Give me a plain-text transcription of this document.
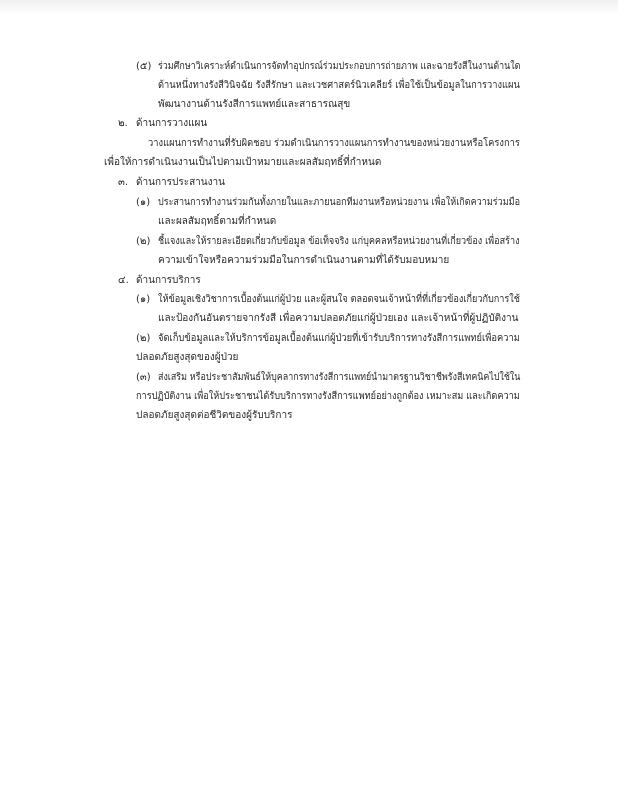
(๕) ร่วมศึกษาวิเคราะห์ดำเนินการจัดทำอุปกรณ์ร่วมประกอบการถ่ายภาพ และฉายรังสีในงานด้านใด
ด้านหนึ่งทางรังสีวินิจฉัย รังสีรักษา และเวชศาสตร์นิวเคลียร์ เพื่อใช้เป็นข้อมูลในการวางแผน
พัฒนางานด้านรังสีการแพทย์และสาธารณสุข
๒. ด้านการวางแผน
วางแผนการทำงานที่รับผิดชอบ ร่วมดำเนินการวางแผนการทำงานของหน่วยงานหรือโครงการ
เพื่อให้การดำเนินงานเป็นไปตามเป้าหมายและผลสัมฤทธิ์ที่กำหนด
๓. ด้านการประสานงาน
(๑) ประสานการทำงานร่วมกันทั้งภายในและภายนอกทีมงานหรือหน่วยงาน เพื่อให้เกิดความร่วมมือ
และผลสัมฤทธิ์ตามที่กำหนด
(๒) ชี้แจงและให้รายละเอียดเกี่ยวกับข้อมูล ข้อเท็จจริง แก่บุคคลหรือหน่วยงานที่เกี่ยวข้อง เพื่อสร้าง
ความเข้าใจหรือความร่วมมือในการดำเนินงานตามที่ได้รับมอบหมาย
๔. ด้านการบริการ
(๑) ให้ข้อมูลเชิงวิชาการเบื้องต้นแก่ผู้ป่วย และผู้สนใจ ตลอดจนเจ้าหน้าที่ที่เกี่ยวข้องเกี่ยวกับการใช้
และป้องกันอันตรายจากรังสี เพื่อความปลอดภัยแก่ผู้ป่วยเอง และเจ้าหน้าที่ผู้ปฏิบัติงาน
(๒) จัดเก็บข้อมูลและให้บริการข้อมูลเบื้องต้นแก่ผู้ป่วยที่เข้ารับบริการทางรังสีการแพทย์เพื่อความ
ปลอดภัยสูงสุดของผู้ป่วย
(๓) ส่งเสริม หรือประชาสัมพันธ์ให้บุคลากรทางรังสีการแพทย์นำมาตรฐานวิชาชีพรังสีเทคนิคไปใช้ใน
การปฏิบัติงาน เพื่อให้ประชาชนได้รับบริการทางรังสีการแพทย์อย่างถูกต้อง เหมาะสม และเกิดความ
ปลอดภัยสูงสุดต่อชีวิตของผู้รับบริการ
